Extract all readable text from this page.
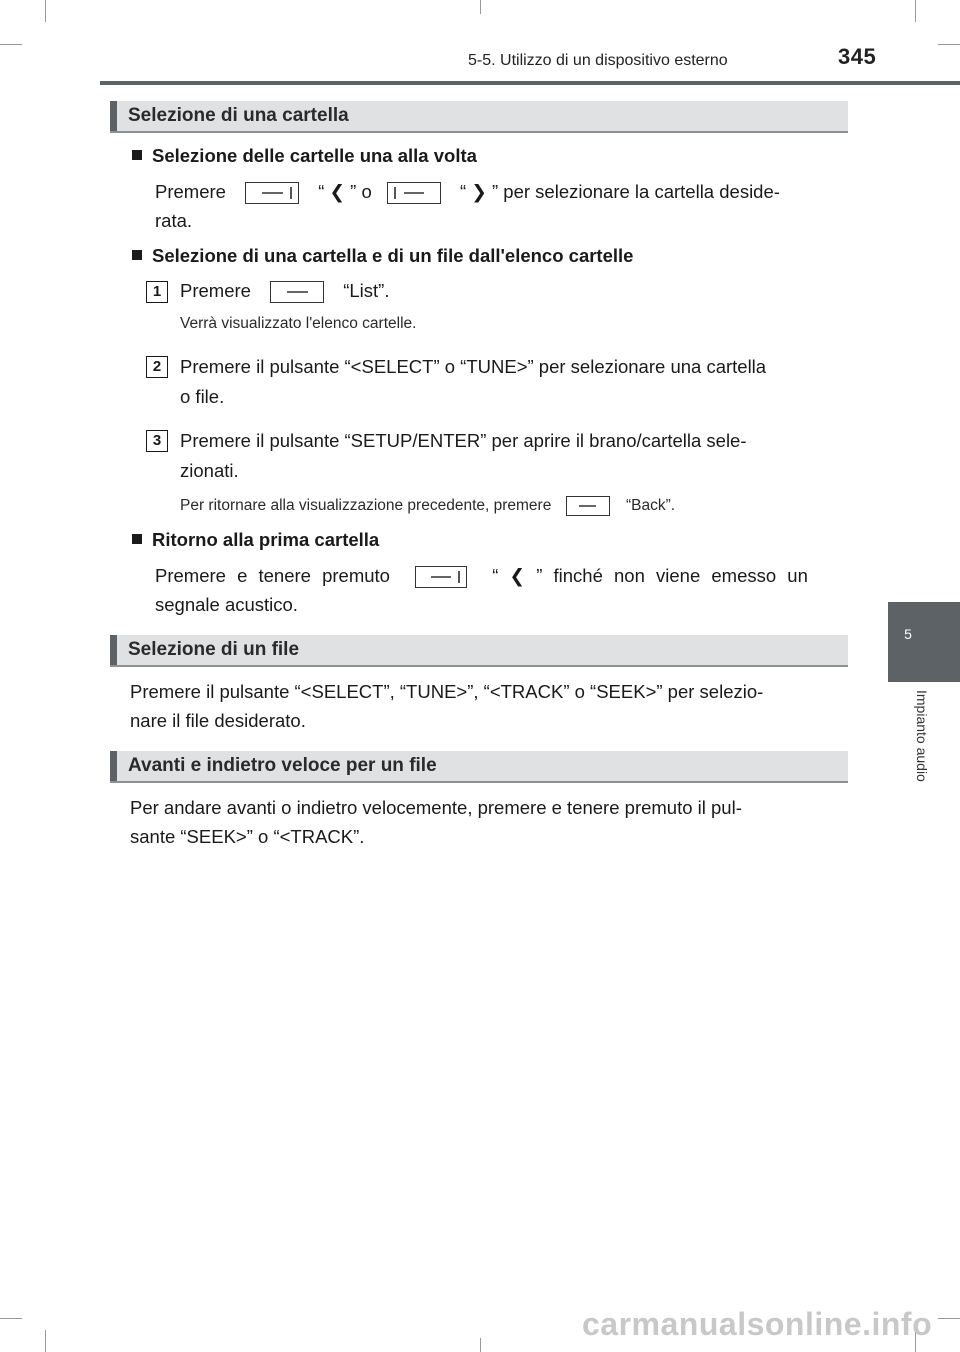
5-5. Utilizzo di un dispositivo esterno	345
5
Impianto audio
Selezione di una cartella
Selezione delle cartelle una alla volta
Premere	“ ❮ ” o	“ ❯ ” per selezionare la cartella deside-
rata.
Selezione di una cartella e di un file dall'elenco cartelle
1	Premere	“List”.
Verrà visualizzato l'elenco cartelle.
2	Premere il pulsante “<SELECT” o “TUNE>” per selezionare una cartella
o file.
3	Premere il pulsante “SETUP/ENTER” per aprire il brano/cartella sele-
zionati.
Per ritornare alla visualizzazione precedente, premere	“Back”.
Ritorno alla prima cartella
Premere e tenere premuto	“ ❮ ” finché non viene emesso un
segnale acustico.
Selezione di un file
Premere il pulsante “<SELECT”, “TUNE>”, “<TRACK” o “SEEK>” per selezio-
nare il file desiderato.
Avanti e indietro veloce per un file
Per andare avanti o indietro velocemente, premere e tenere premuto il pul-
sante “SEEK>” o “<TRACK”.
carmanualsonline.info
